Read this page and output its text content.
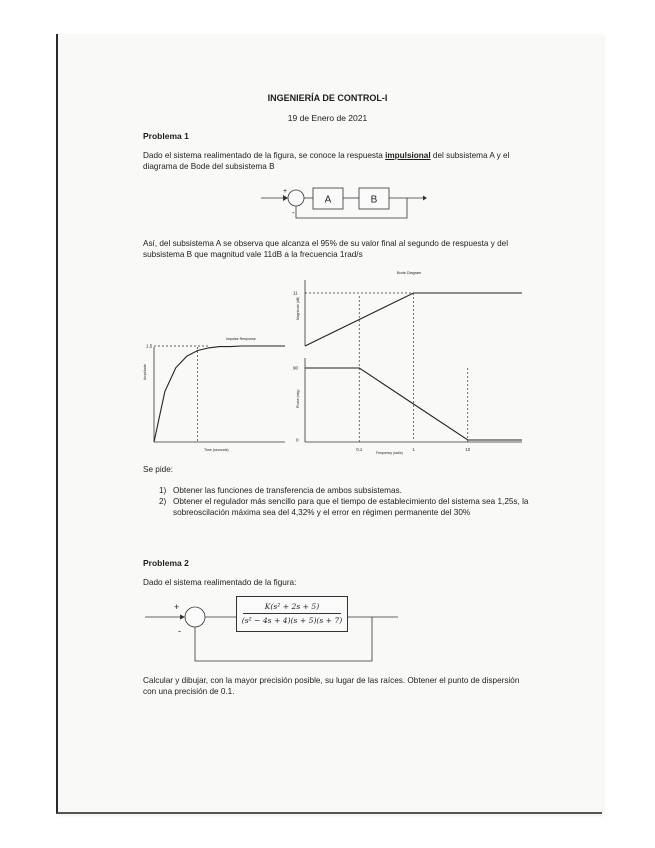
INGENIERÍA DE CONTROL-I
19 de Enero de 2021
Problema 1
Dado el sistema realimentado de la figura, se conoce la respuesta impulsional del subsistema A y el diagrama de Bode del subsistema B
+
-
A	B
Así, del subsistema A se observa que alcanza el 95% de su valor final al segundo de respuesta y del subsistema B que magnitud vale 11dB a la frecuencia 1rad/s
Impulse Response
1,5
Amplitude
Time (seconds)
Bode Diagram
11
Magnitude (dB)
90
0
Phase (deg)
0,1	1	10
Frequency (rad/s)
Se pide:
1) Obtener las funciones de transferencia de ambos subsistemas.
2) Obtener el regulador más sencillo para que el tiempo de establecimiento del sistema sea 1,25s, la sobreoscilación máxima sea del 4,32% y el error en régimen permanente del 30%
Problema 2
Dado el sistema realimentado de la figura:
+
-
K(s² + 2s + 5)
(s² − 4s + 4)(s + 5)(s + 7)
Calcular y dibujar, con la mayor precisión posible, su lugar de las raíces. Obtener el punto de dispersión con una precisión de 0.1.
